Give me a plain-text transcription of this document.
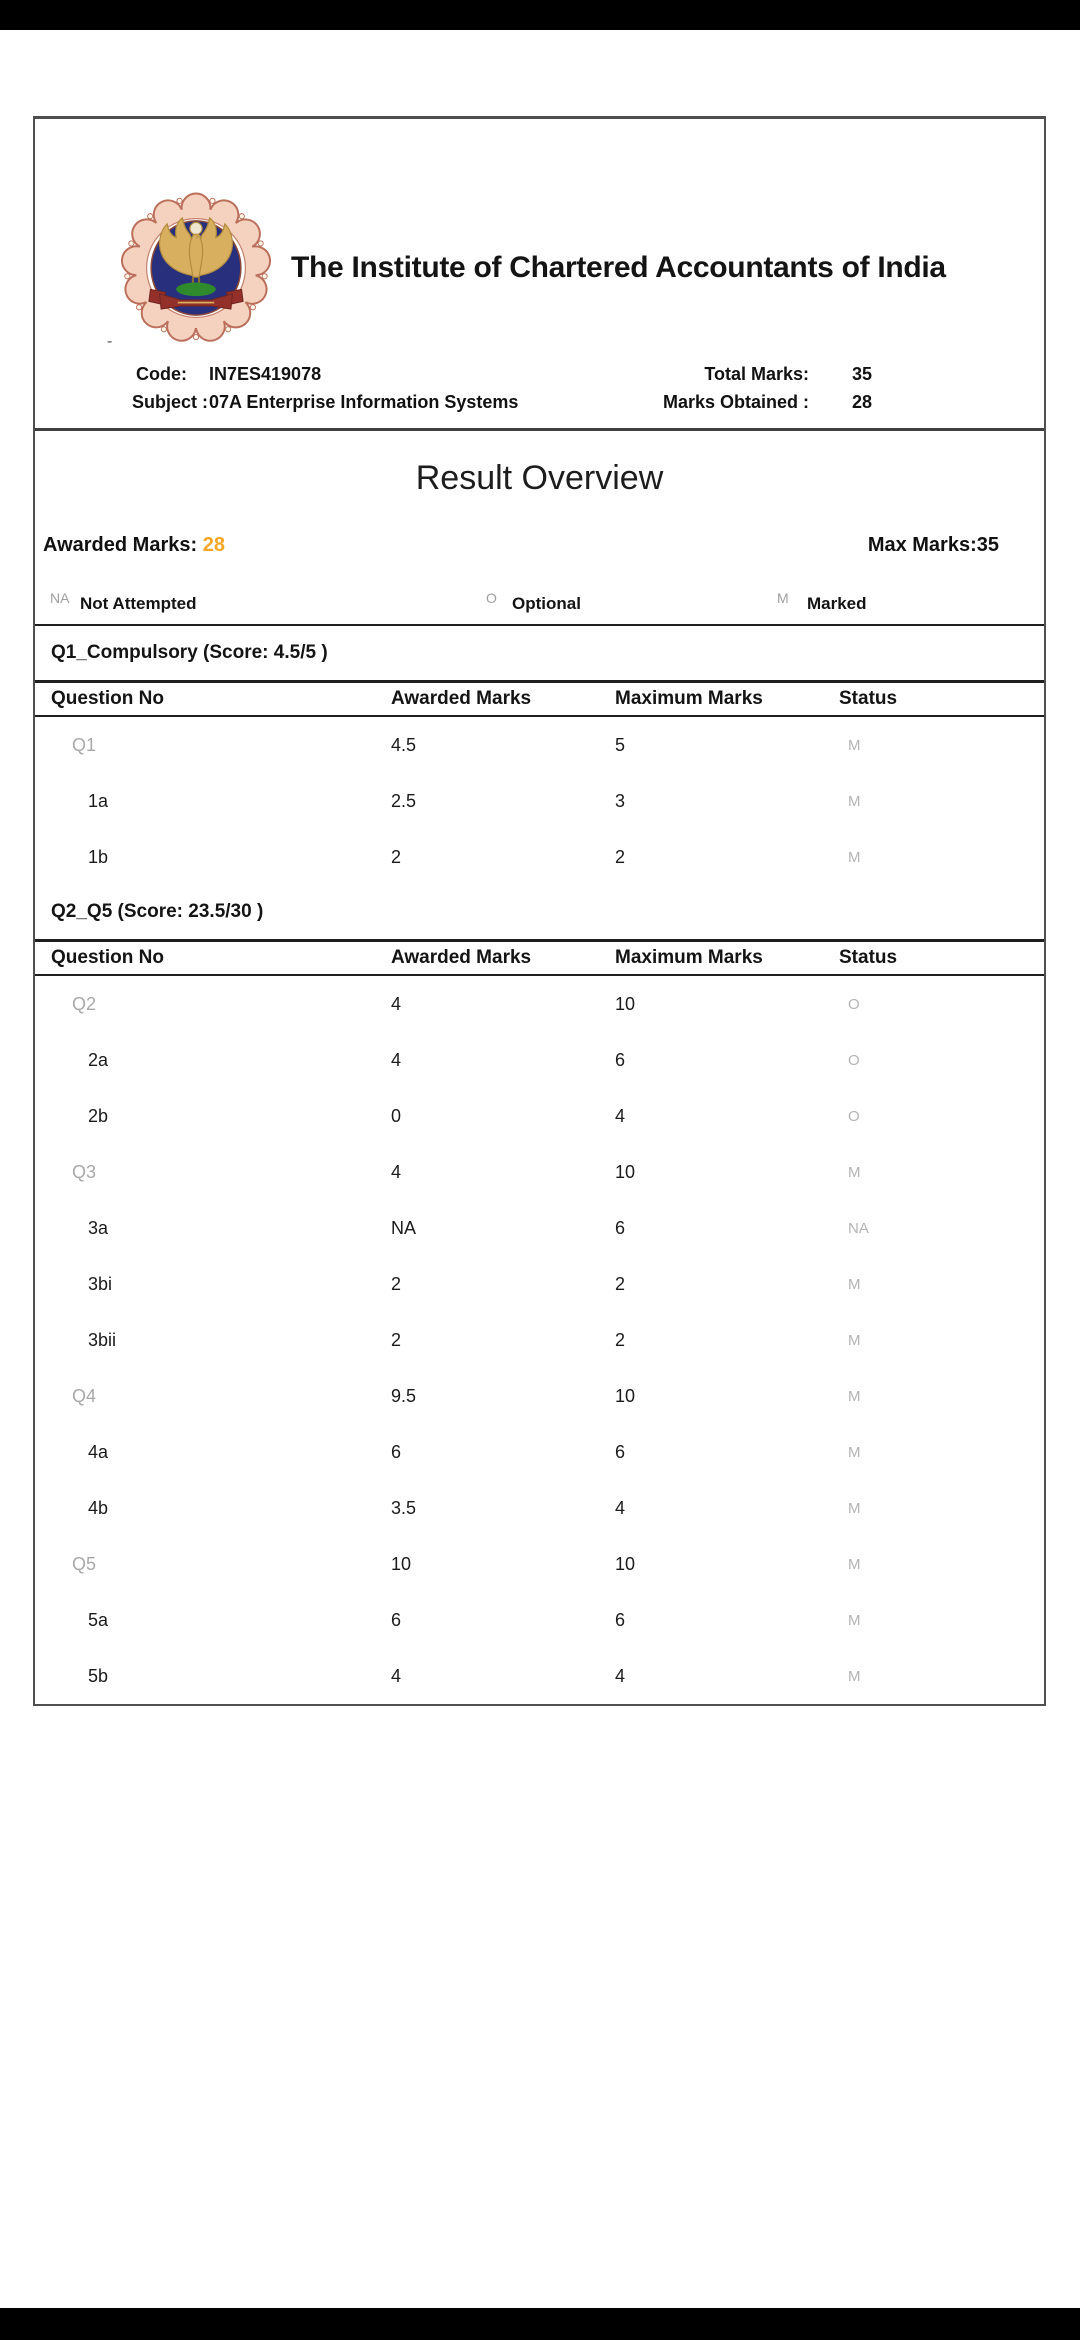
The Institute of Chartered Accountants of India
-
Code: IN7ES419078
Subject : 07A Enterprise Information Systems
Total Marks: 35
Marks Obtained : 28
Result Overview
Awarded Marks: 28	Max Marks:35
NA Not Attempted	O Optional	M Marked
Q1_Compulsory (Score: 4.5/5 )
Question No	Awarded Marks	Maximum Marks	Status
Q1	4.5	5	M
1a	2.5	3	M
1b	2	2	M
Q2_Q5 (Score: 23.5/30 )
Question No	Awarded Marks	Maximum Marks	Status
Q2	4	10	O
2a	4	6	O
2b	0	4	O
Q3	4	10	M
3a	NA	6	NA
3bi	2	2	M
3bii	2	2	M
Q4	9.5	10	M
4a	6	6	M
4b	3.5	4	M
Q5	10	10	M
5a	6	6	M
5b	4	4	M
